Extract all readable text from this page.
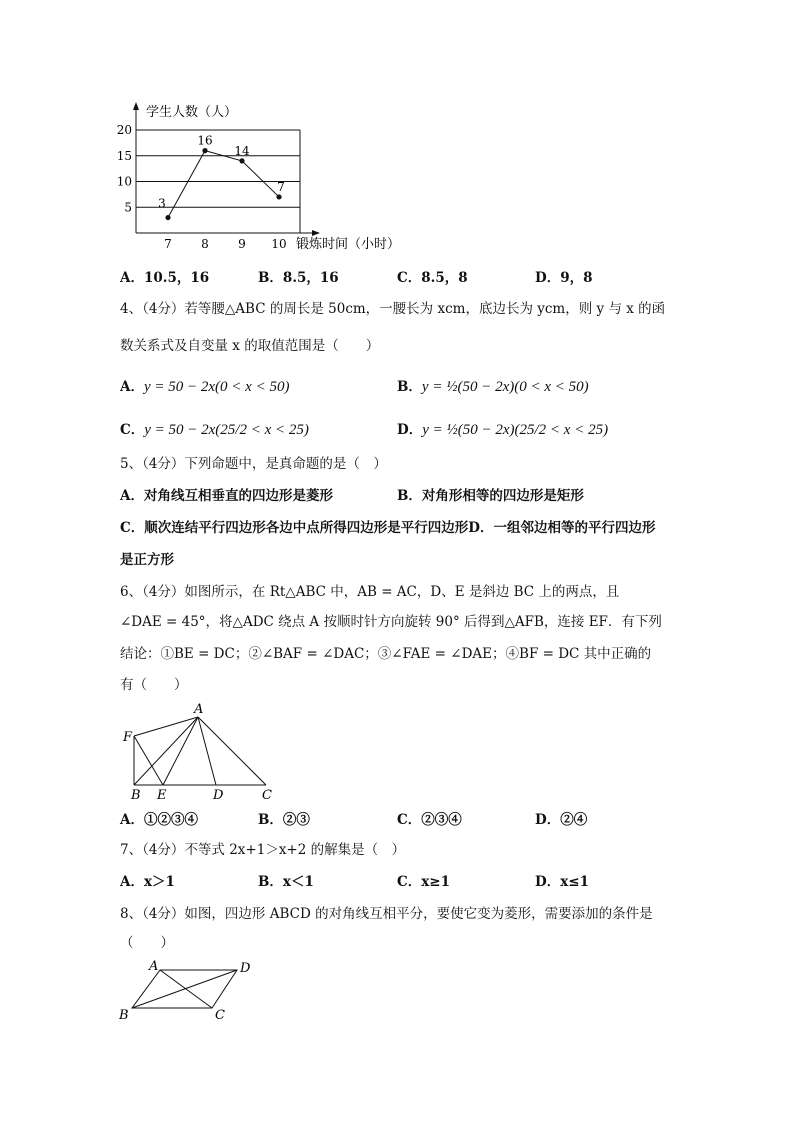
5
10
15
20
7 8 9 10
3
16
14
7
学生人数（人）
锻炼时间（小时）
A．10.5，16	B．8.5，16	C．8.5，8	D．9，8
4、（4分）若等腰△ABC 的周长是 50cm，一腰长为 xcm，底边长为 ycm，则 y 与 x 的函
数关系式及自变量 x 的取值范围是（　　）
A．y = 50 − 2x(0 < x < 50)	B．y = ½(50 − 2x)(0 < x < 50)
C．y = 50 − 2x(25/2 < x < 25)	D．y = ½(50 − 2x)(25/2 < x < 25)
5、（4分）下列命题中，是真命题的是（　）
A．对角线互相垂直的四边形是菱形	B．对角形相等的四边形是矩形
C．顺次连结平行四边形各边中点所得四边形是平行四边形D．一组邻边相等的平行四边形
是正方形
6、（4分）如图所示，在 Rt△ABC 中，AB = AC，D、E 是斜边 BC 上的两点，且
∠DAE = 45°，将△ADC 绕点 A 按顺时针方向旋转 90° 后得到△AFB，连接 EF．有下列
结论：①BE = DC；②∠BAF = ∠DAC；③∠FAE = ∠DAE；④BF = DC 其中正确的
有（　　）
A
F
B E	D	C
A．①②③④	B．②③	C．②③④	D．②④
7、（4分）不等式 2x+1＞x+2 的解集是（　）
A．x＞1	B．x＜1	C．x≥1	D．x≤1
8、（4分）如图，四边形 ABCD 的对角线互相平分，要使它变为菱形，需要添加的条件是
（　　）
A	D
B	C
